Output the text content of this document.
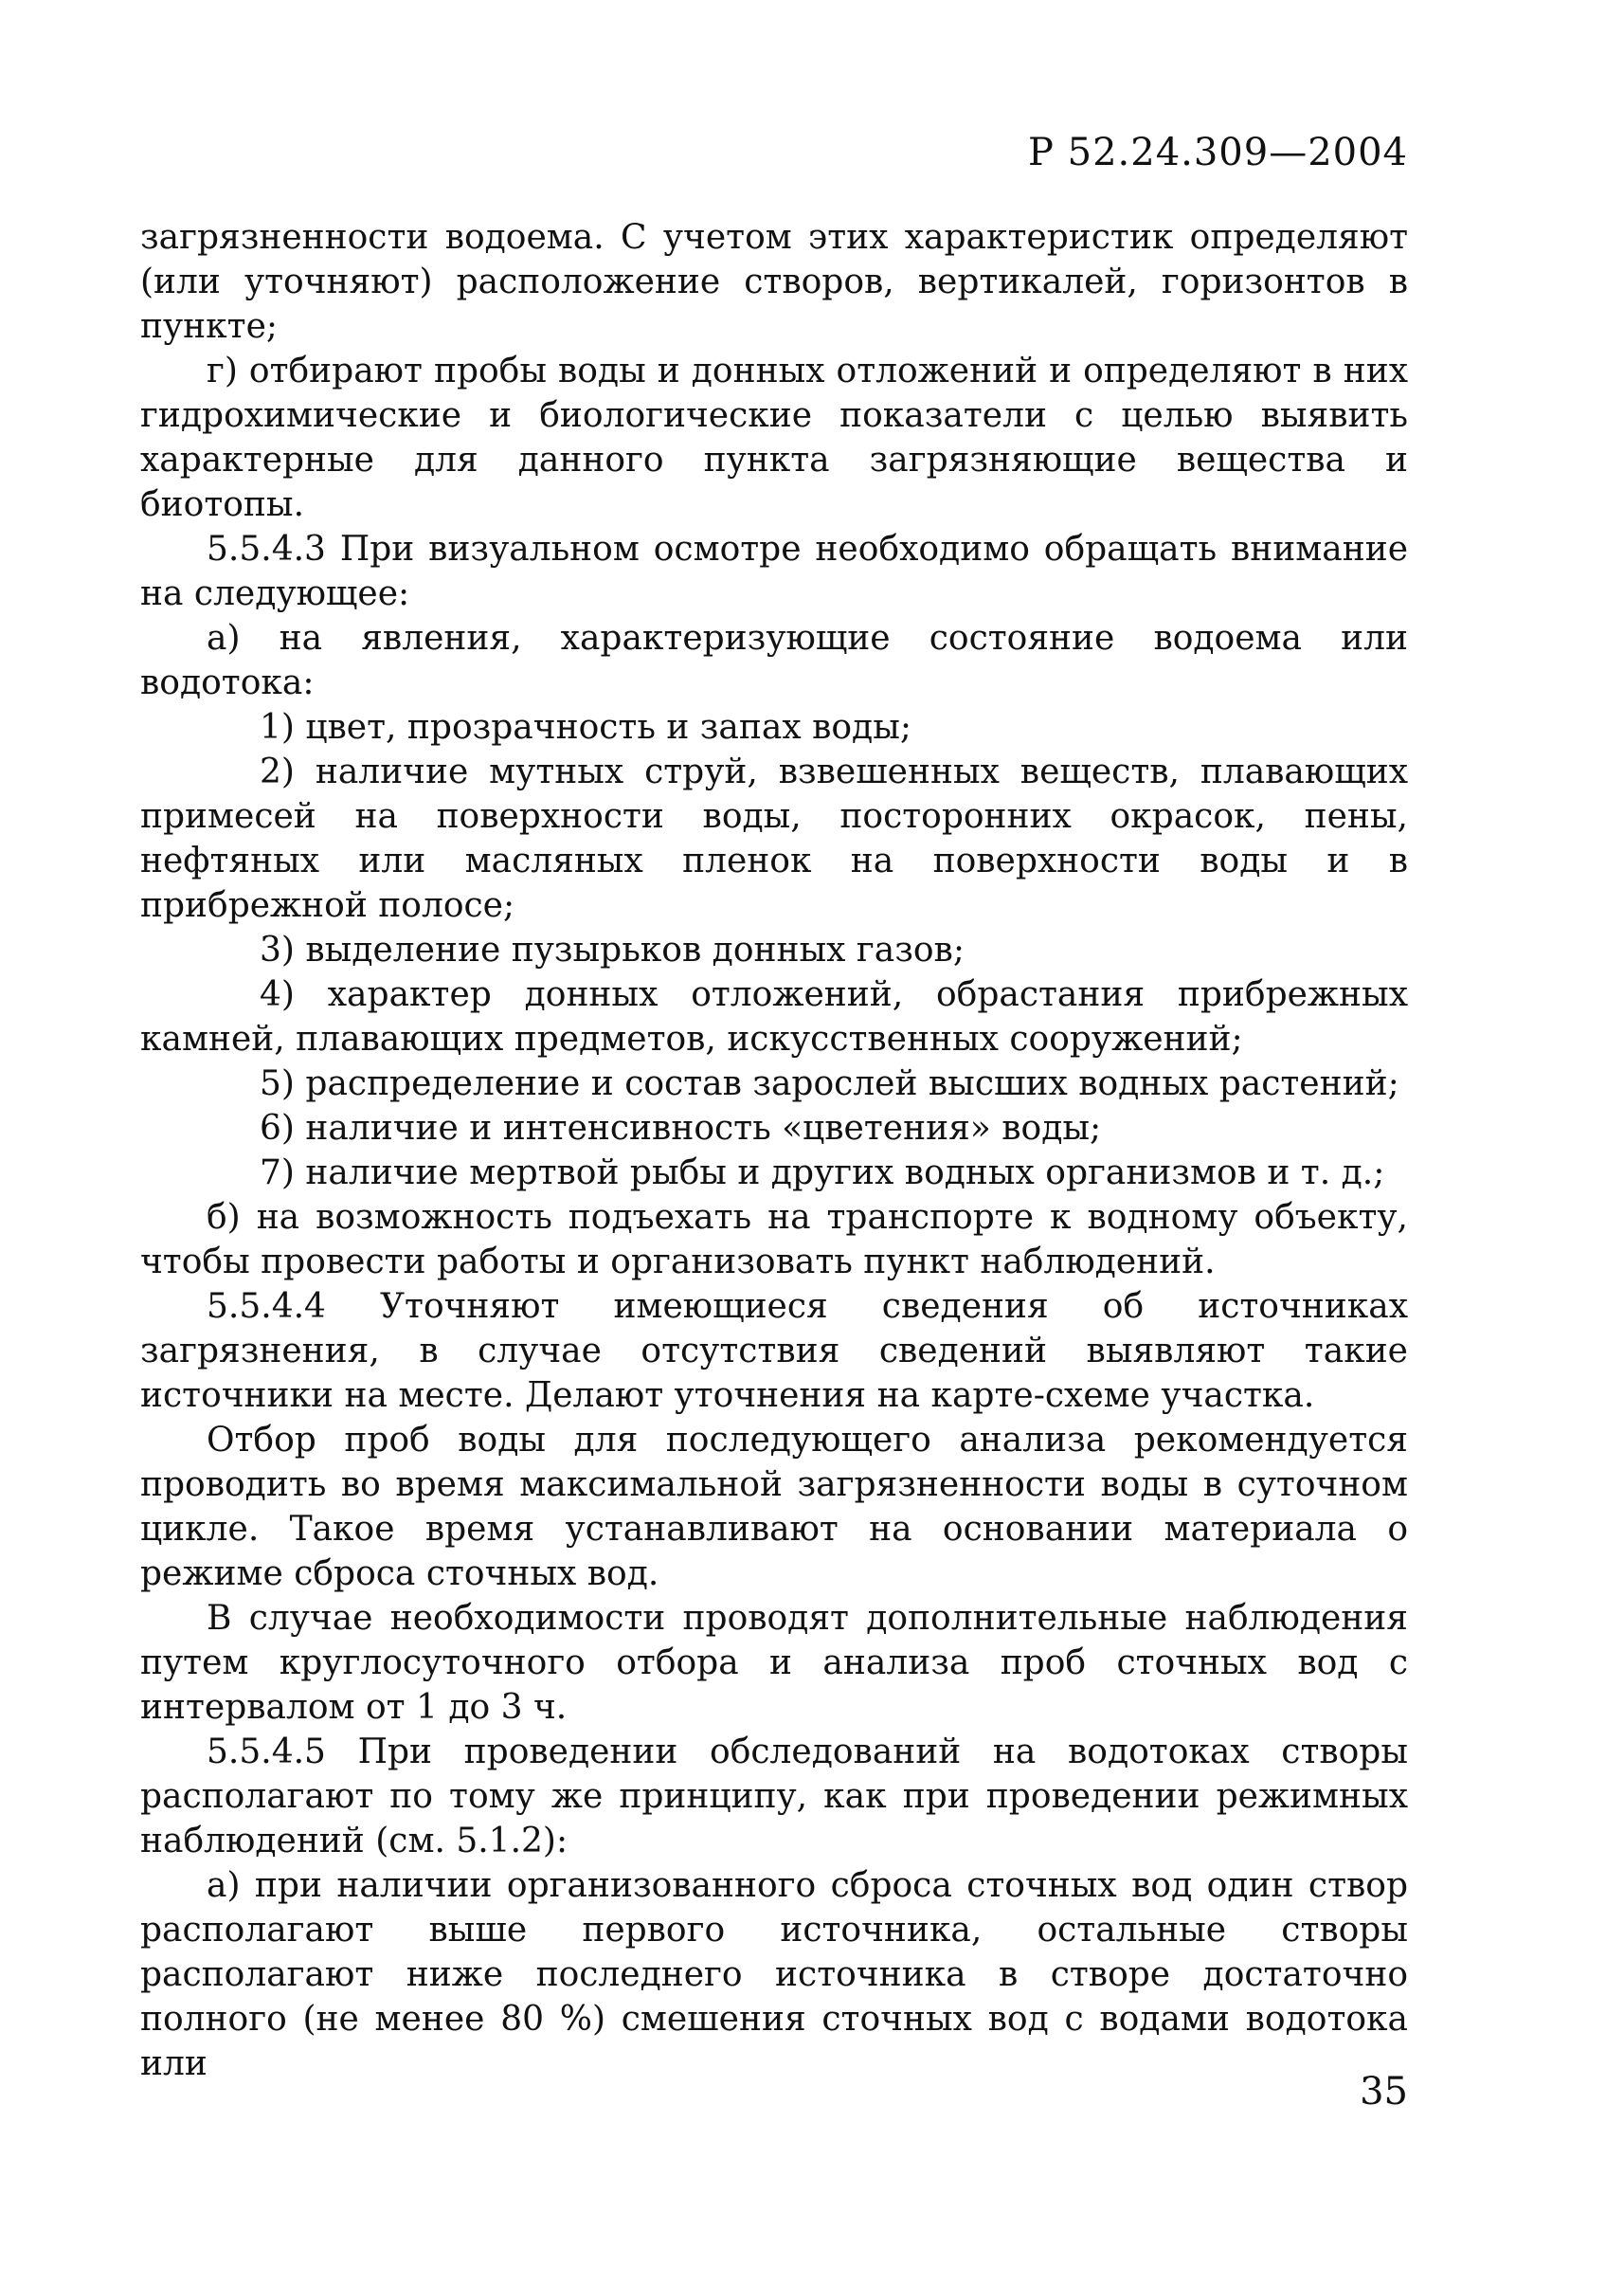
Р 52.24.309—2004

загрязненности водоема. С учетом этих характеристик определяют (или уточняют) расположение створов, вертикалей, горизонтов в пункте;

г) отбирают пробы воды и донных отложений и определяют в них гидрохимические и биологические показатели с целью выявить характерные для данного пункта загрязняющие вещества и биотопы.

5.5.4.3 При визуальном осмотре необходимо обращать внимание на следующее:

а) на явления, характеризующие состояние водоема или водотока:

1) цвет, прозрачность и запах воды;

2) наличие мутных струй, взвешенных веществ, плавающих примесей на поверхности воды, посторонних окрасок, пены, нефтяных или масляных пленок на поверхности воды и в прибрежной полосе;

3) выделение пузырьков донных газов;

4) характер донных отложений, обрастания прибрежных камней, плавающих предметов, искусственных сооружений;

5) распределение и состав зарослей высших водных растений;

6) наличие и интенсивность «цветения» воды;

7) наличие мертвой рыбы и других водных организмов и т. д.;

б) на возможность подъехать на транспорте к водному объекту, чтобы провести работы и организовать пункт наблюдений.

5.5.4.4 Уточняют имеющиеся сведения об источниках загрязнения, в случае отсутствия сведений выявляют такие источники на месте. Делают уточнения на карте-схеме участка.

Отбор проб воды для последующего анализа рекомендуется проводить во время максимальной загрязненности воды в суточном цикле. Такое время устанавливают на основании материала о режиме сброса сточных вод.

В случае необходимости проводят дополнительные наблюдения путем круглосуточного отбора и анализа проб сточных вод с интервалом от 1 до 3 ч.

5.5.4.5 При проведении обследований на водотоках створы располагают по тому же принципу, как при проведении режимных наблюдений (см. 5.1.2):

а) при наличии организованного сброса сточных вод один створ располагают выше первого источника, остальные створы располагают ниже последнего источника в створе достаточно полного (не менее 80 %) смешения сточных вод с водами водотока или

35
